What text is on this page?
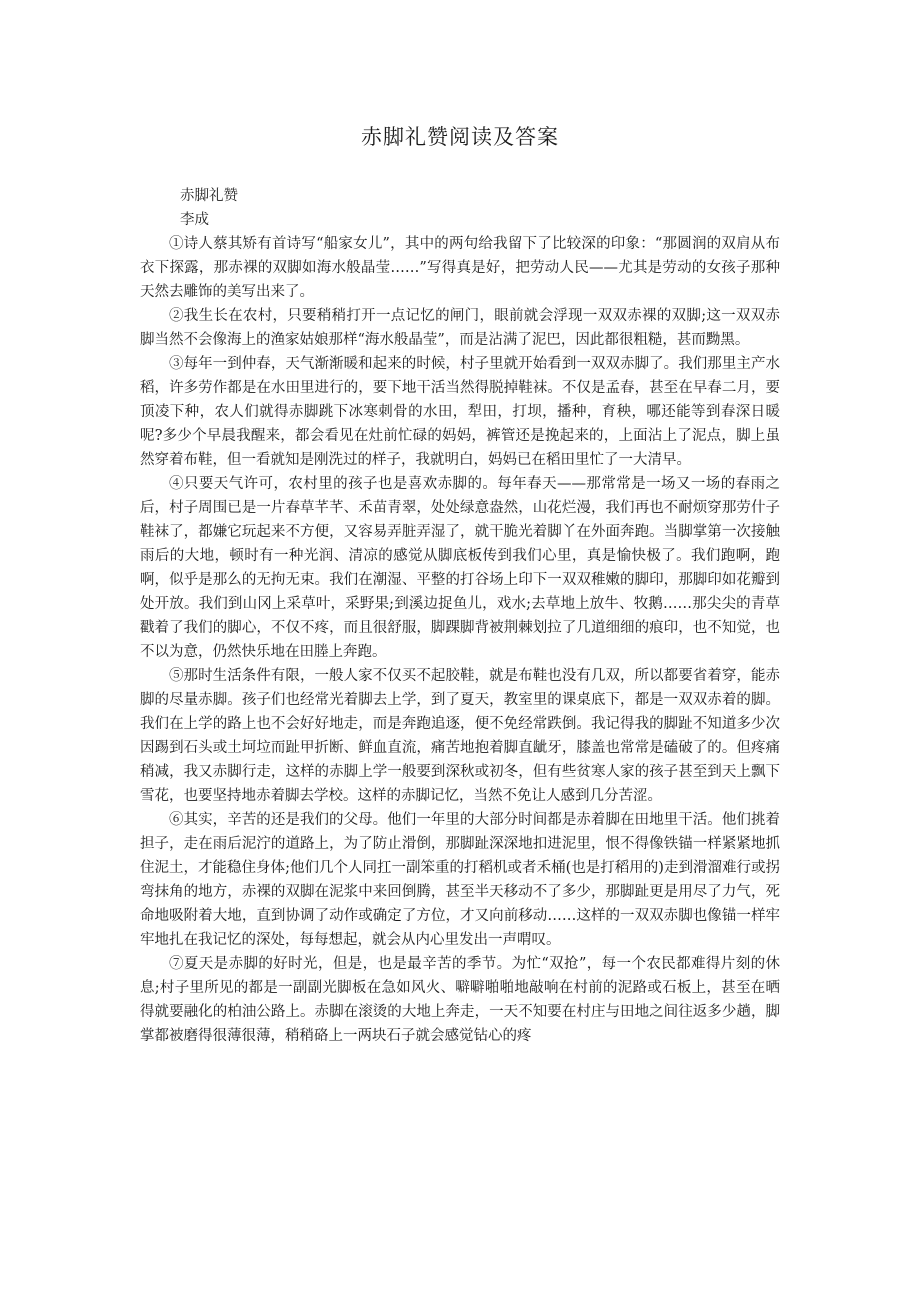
赤脚礼赞阅读及答案

赤脚礼赞

李成

①诗人蔡其矫有首诗写“船家女儿”，其中的两句给我留下了比较深的印象：“那圆润的双肩从布衣下探露，那赤裸的双脚如海水般晶莹……”写得真是好，把劳动人民——尤其是劳动的女孩子那种天然去雕饰的美写出来了。

②我生长在农村，只要稍稍打开一点记忆的闸门，眼前就会浮现一双双赤裸的双脚;这一双双赤脚当然不会像海上的渔家姑娘那样“海水般晶莹”，而是沾满了泥巴，因此都很粗糙，甚而黝黑。

③每年一到仲春，天气渐渐暖和起来的时候，村子里就开始看到一双双赤脚了。我们那里主产水稻，许多劳作都是在水田里进行的，要下地干活当然得脱掉鞋袜。不仅是孟春，甚至在早春二月，要顶凌下种，农人们就得赤脚跳下冰寒刺骨的水田，犁田，打坝，播种，育秧，哪还能等到春深日暖呢?多少个早晨我醒来，都会看见在灶前忙碌的妈妈，裤管还是挽起来的，上面沾上了泥点，脚上虽然穿着布鞋，但一看就知是刚洗过的样子，我就明白，妈妈已在稻田里忙了一大清早。

④只要天气许可，农村里的孩子也是喜欢赤脚的。每年春天——那常常是一场又一场的春雨之后，村子周围已是一片春草芊芊、禾苗青翠，处处绿意盎然，山花烂漫，我们再也不耐烦穿那劳什子鞋袜了，都嫌它玩起来不方便，又容易弄脏弄湿了，就干脆光着脚丫在外面奔跑。当脚掌第一次接触雨后的大地，顿时有一种光润、清凉的感觉从脚底板传到我们心里，真是愉快极了。我们跑啊，跑啊，似乎是那么的无拘无束。我们在潮湿、平整的打谷场上印下一双双稚嫩的脚印，那脚印如花瓣到处开放。我们到山冈上采草叶，采野果;到溪边捉鱼儿，戏水;去草地上放牛、牧鹅……那尖尖的青草戳着了我们的脚心，不仅不疼，而且很舒服，脚踝脚背被荆棘划拉了几道细细的痕印，也不知觉，也不以为意，仍然快乐地在田塍上奔跑。

⑤那时生活条件有限，一般人家不仅买不起胶鞋，就是布鞋也没有几双，所以都要省着穿，能赤脚的尽量赤脚。孩子们也经常光着脚去上学，到了夏天，教室里的课桌底下，都是一双双赤着的脚。我们在上学的路上也不会好好地走，而是奔跑追逐，便不免经常跌倒。我记得我的脚趾不知道多少次因踢到石头或土坷垃而趾甲折断、鲜血直流，痛苦地抱着脚直龇牙，膝盖也常常是磕破了的。但疼痛稍减，我又赤脚行走，这样的赤脚上学一般要到深秋或初冬，但有些贫寒人家的孩子甚至到天上飘下雪花，也要坚持地赤着脚去学校。这样的赤脚记忆，当然不免让人感到几分苦涩。

⑥其实，辛苦的还是我们的父母。他们一年里的大部分时间都是赤着脚在田地里干活。他们挑着担子，走在雨后泥泞的道路上，为了防止滑倒，那脚趾深深地扣进泥里，恨不得像铁锚一样紧紧地抓住泥土，才能稳住身体;他们几个人同扛一副笨重的打稻机或者禾桶(也是打稻用的)走到滑溜难行或拐弯抹角的地方，赤裸的双脚在泥浆中来回倒腾，甚至半天移动不了多少，那脚趾更是用尽了力气，死命地吸附着大地，直到协调了动作或确定了方位，才又向前移动……这样的一双双赤脚也像锚一样牢牢地扎在我记忆的深处，每每想起，就会从内心里发出一声喟叹。

⑦夏天是赤脚的好时光，但是，也是最辛苦的季节。为忙“双抢”，每一个农民都难得片刻的休息;村子里所见的都是一副副光脚板在急如风火、噼噼啪啪地敲响在村前的泥路或石板上，甚至在晒得就要融化的柏油公路上。赤脚在滚烫的大地上奔走，一天不知要在村庄与田地之间往返多少趟，脚掌都被磨得很薄很薄，稍稍硌上一两块石子就会感觉钻心的疼
